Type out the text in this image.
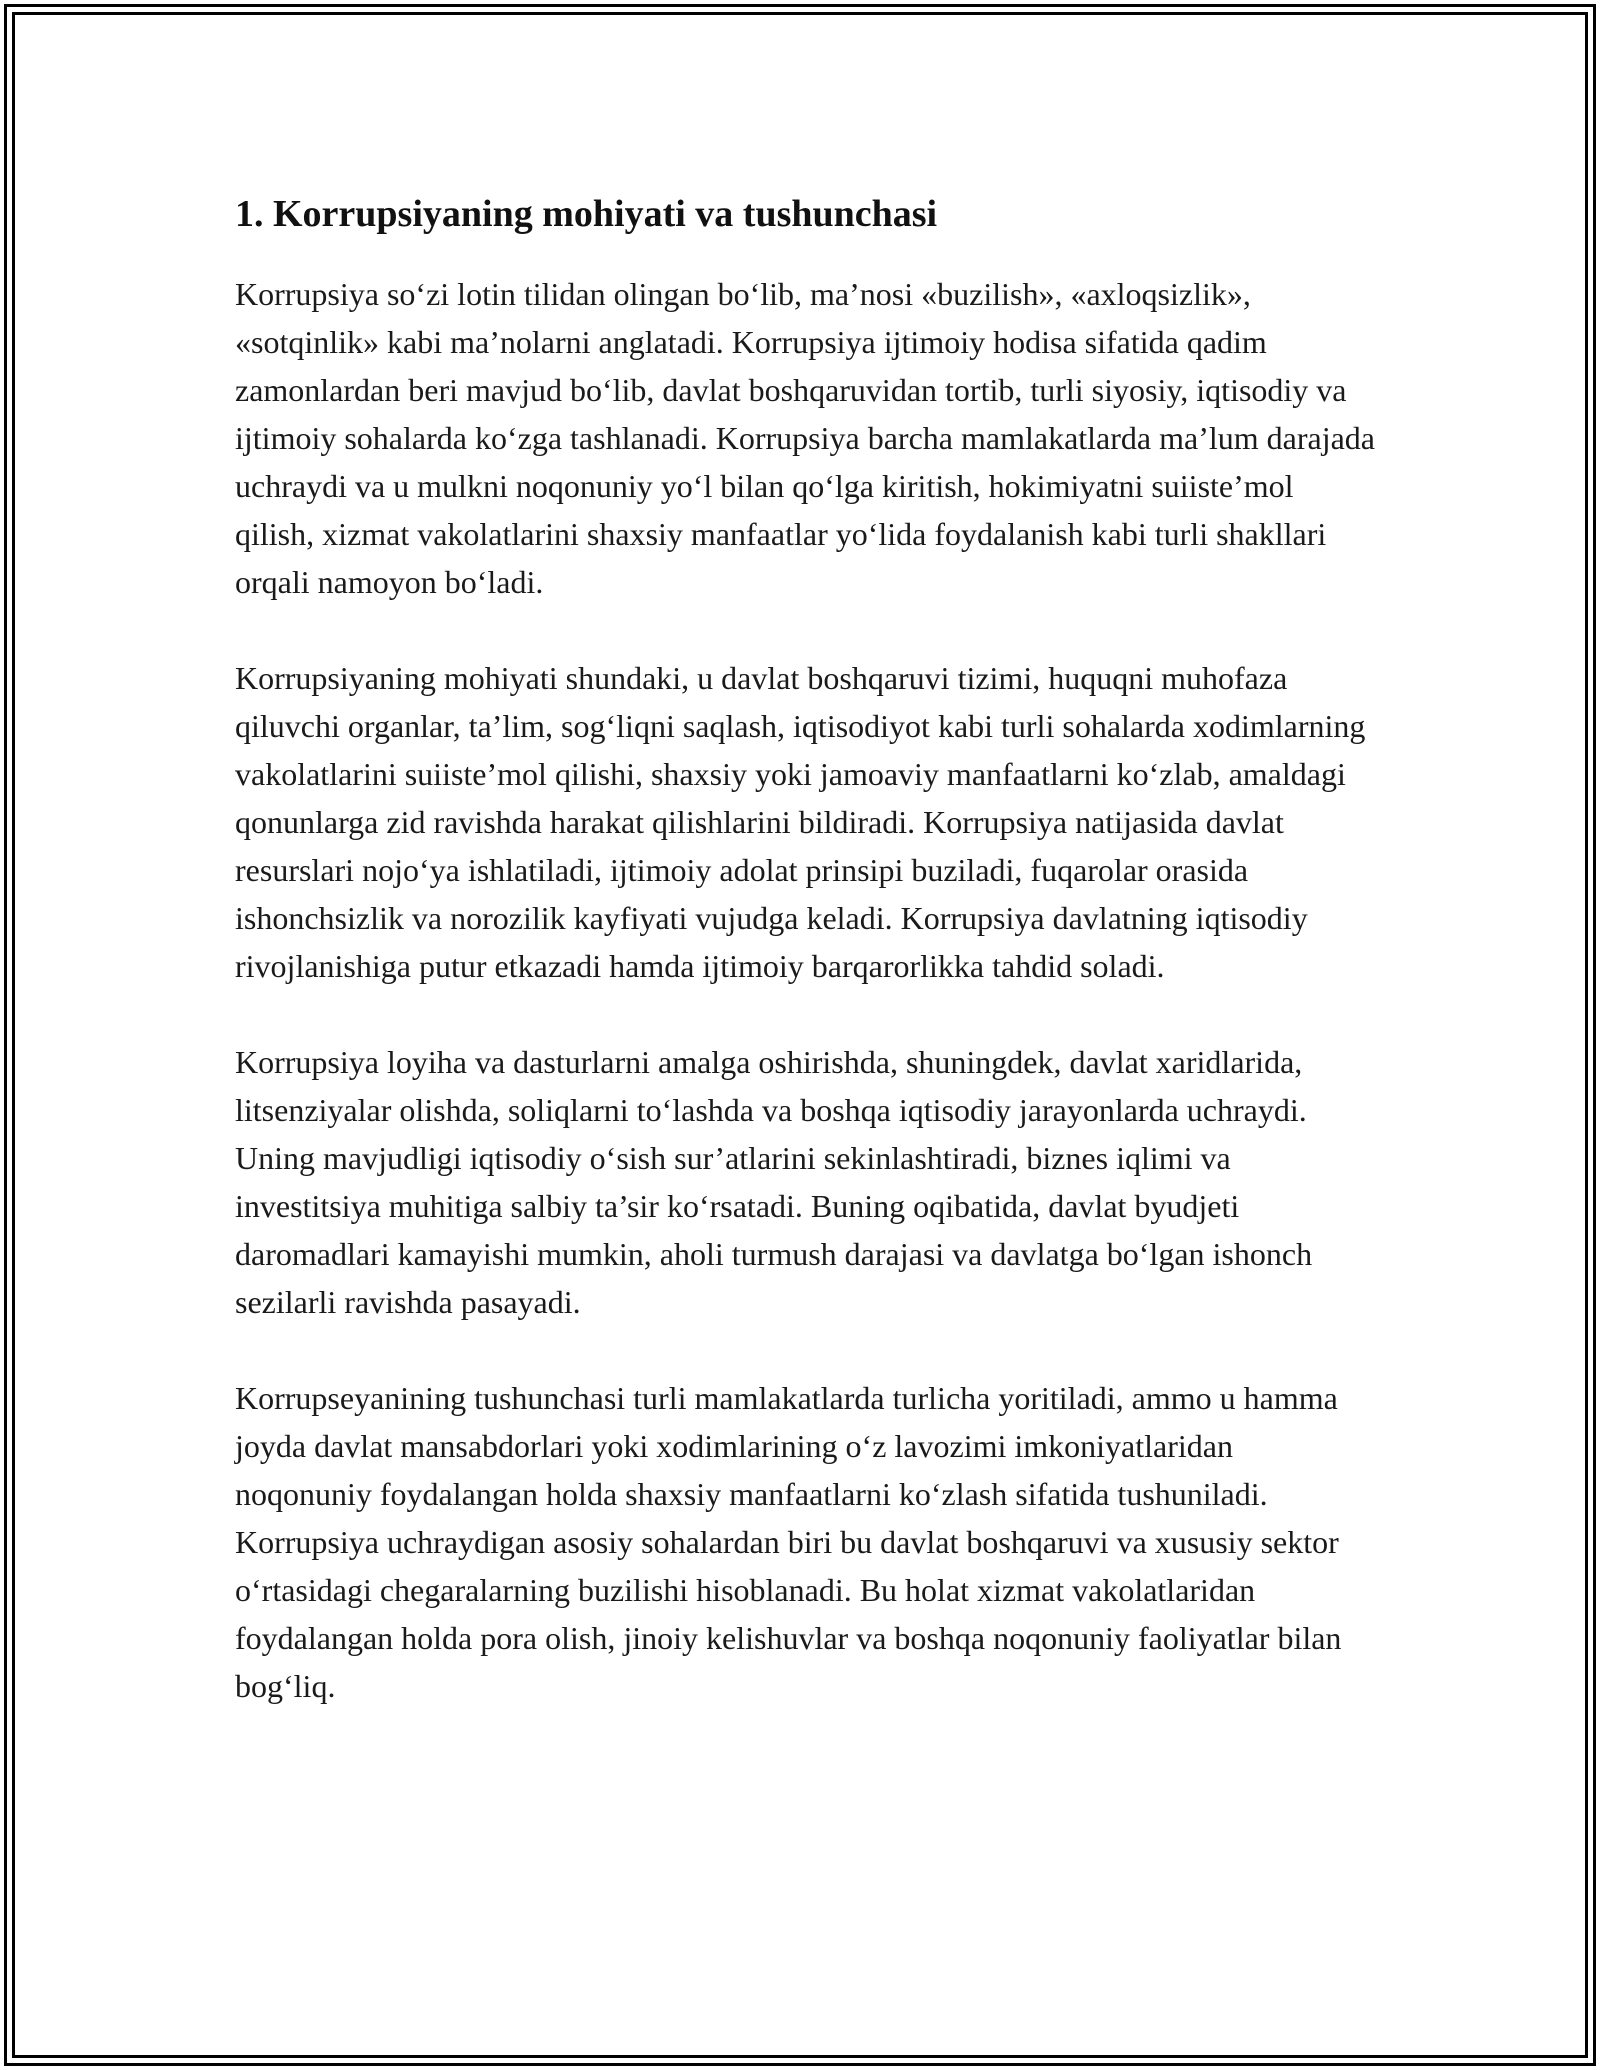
1. Korrupsiyaning mohiyati va tushunchasi

Korrupsiya so‘zi lotin tilidan olingan bo‘lib, ma’nosi «buzilish», «axloqsizlik», «sotqinlik» kabi ma’nolarni anglatadi. Korrupsiya ijtimoiy hodisa sifatida qadim zamonlardan beri mavjud bo‘lib, davlat boshqaruvidan tortib, turli siyosiy, iqtisodiy va ijtimoiy sohalarda ko‘zga tashlanadi. Korrupsiya barcha mamlakatlarda ma’lum darajada uchraydi va u mulkni noqonuniy yo‘l bilan qo‘lga kiritish, hokimiyatni suiiste’mol qilish, xizmat vakolatlarini shaxsiy manfaatlar yo‘lida foydalanish kabi turli shakllari orqali namoyon bo‘ladi.

Korrupsiyaning mohiyati shundaki, u davlat boshqaruvi tizimi, huquqni muhofaza qiluvchi organlar, ta’lim, sog‘liqni saqlash, iqtisodiyot kabi turli sohalarda xodimlarning vakolatlarini suiiste’mol qilishi, shaxsiy yoki jamoaviy manfaatlarni ko‘zlab, amaldagi qonunlarga zid ravishda harakat qilishlarini bildiradi. Korrupsiya natijasida davlat resurslari nojo‘ya ishlatiladi, ijtimoiy adolat prinsipi buziladi, fuqarolar orasida ishonchsizlik va norozilik kayfiyati vujudga keladi. Korrupsiya davlatning iqtisodiy rivojlanishiga putur etkazadi hamda ijtimoiy barqarorlikka tahdid soladi.

Korrupsiya loyiha va dasturlarni amalga oshirishda, shuningdek, davlat xaridlarida, litsenziyalar olishda, soliqlarni to‘lashda va boshqa iqtisodiy jarayonlarda uchraydi. Uning mavjudligi iqtisodiy o‘sish sur’atlarini sekinlashtiradi, biznes iqlimi va investitsiya muhitiga salbiy ta’sir ko‘rsatadi. Buning oqibatida, davlat byudjeti daromadlari kamayishi mumkin, aholi turmush darajasi va davlatga bo‘lgan ishonch sezilarli ravishda pasayadi.

Korrupseyanining tushunchasi turli mamlakatlarda turlicha yoritiladi, ammo u hamma joyda davlat mansabdorlari yoki xodimlarining o‘z lavozimi imkoniyatlaridan noqonuniy foydalangan holda shaxsiy manfaatlarni ko‘zlash sifatida tushuniladi. Korrupsiya uchraydigan asosiy sohalardan biri bu davlat boshqaruvi va xususiy sektor o‘rtasidagi chegaralarning buzilishi hisoblanadi. Bu holat xizmat vakolatlaridan foydalangan holda pora olish, jinoiy kelishuvlar va boshqa noqonuniy faoliyatlar bilan bog‘liq.
